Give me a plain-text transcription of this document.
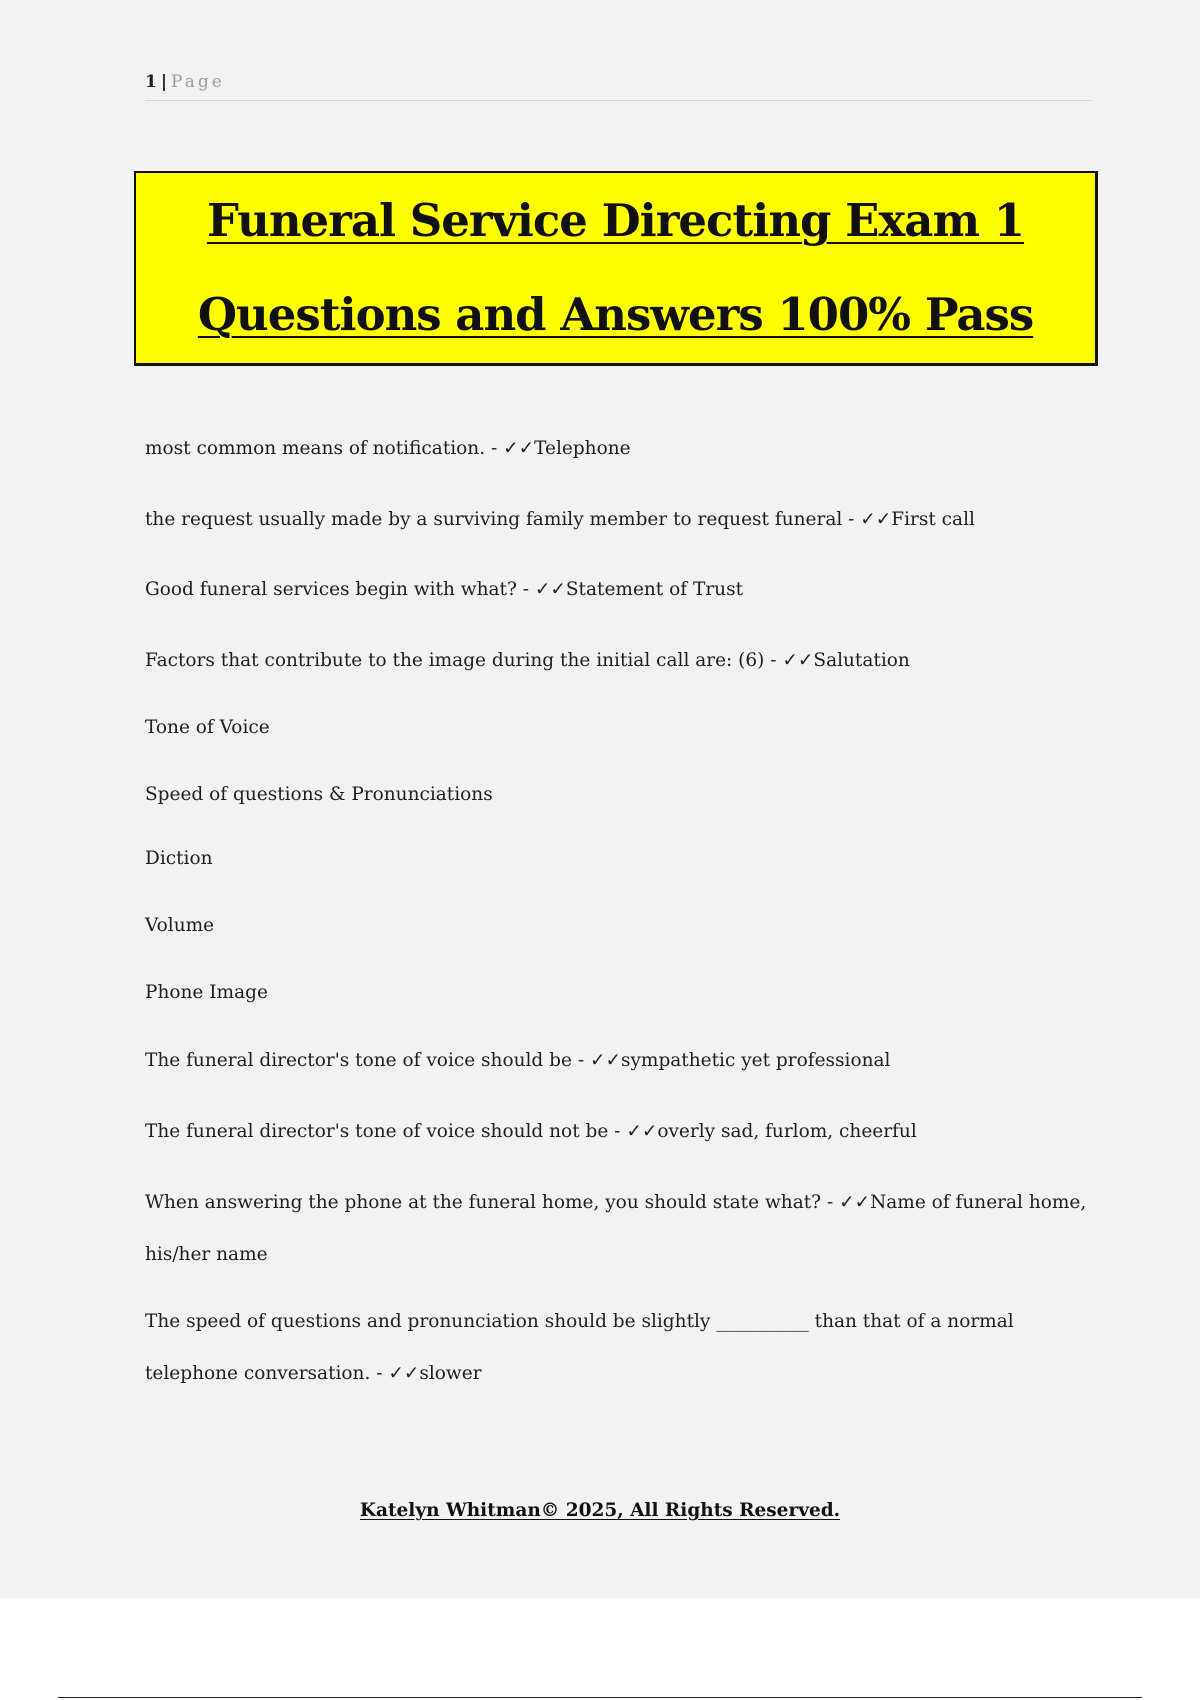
1 | Page
Funeral Service Directing Exam 1
Questions and Answers 100% Pass

most common means of notification. - ✓✓Telephone

the request usually made by a surviving family member to request funeral - ✓✓First call

Good funeral services begin with what? - ✓✓Statement of Trust

Factors that contribute to the image during the initial call are: (6) - ✓✓Salutation

Tone of Voice

Speed of questions & Pronunciations

Diction

Volume

Phone Image

The funeral director's tone of voice should be - ✓✓sympathetic yet professional

The funeral director's tone of voice should not be - ✓✓overly sad, furlom, cheerful

When answering the phone at the funeral home, you should state what? - ✓✓Name of funeral home, his/her name

The speed of questions and pronunciation should be slightly __________ than that of a normal telephone conversation. - ✓✓slower

Katelyn Whitman© 2025, All Rights Reserved.
